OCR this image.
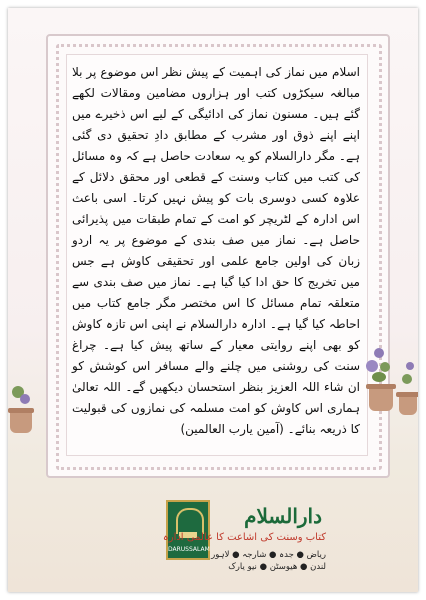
اسلام میں نماز کی اہمیت کے پیش نظر اس موضوع پر بلا مبالغہ سیکڑوں کتب اور ہزاروں مضامین ومقالات لکھے گئے ہیں۔ مسنون نماز کی ادائیگی کے لیے اس ذخیرے میں اپنے اپنے ذوق اور مشرب کے مطابق دادِ تحقیق دی گئی ہے۔ مگر دارالسلام کو یہ سعادت حاصل ہے کہ وہ مسائل کی کتب میں کتاب وسنت کے قطعی اور محقق دلائل کے علاوہ کسی دوسری بات کو پیش نہیں کرتا۔ اسی باعث اس ادارہ کے لٹریچر کو امت کے تمام طبقات میں پذیرائی حاصل ہے۔ نماز میں صف بندی کے موضوع پر یہ اردو زبان کی اولین جامع علمی اور تحقیقی کاوش ہے جس میں تخریج کا حق ادا کیا گیا ہے۔ نماز میں صف بندی سے متعلقہ تمام مسائل کا اس مختصر مگر جامع کتاب میں احاطہ کیا گیا ہے۔ ادارہ دارالسلام نے اپنی اس تازہ کاوش کو بھی اپنے روایتی معیار کے ساتھ پیش کیا ہے۔ چراغ سنت کی روشنی میں چلنے والے مسافر اس کوشش کو ان شاء اللہ العزیز بنظر استحسان دیکھیں گے۔ اللہ تعالیٰ ہماری اس کاوش کو امت مسلمہ کی نمازوں کی قبولیت کا ذریعہ بنائے۔ (آمین یارب العالمین)

DARUSSALAM
دارالسلام
کتاب وسنت کی اشاعت کا عالمی ادارہ
ریاض ● جدہ ● شارجہ ● لاہور
لندن ● هیوسٹن ● نیو یارک
